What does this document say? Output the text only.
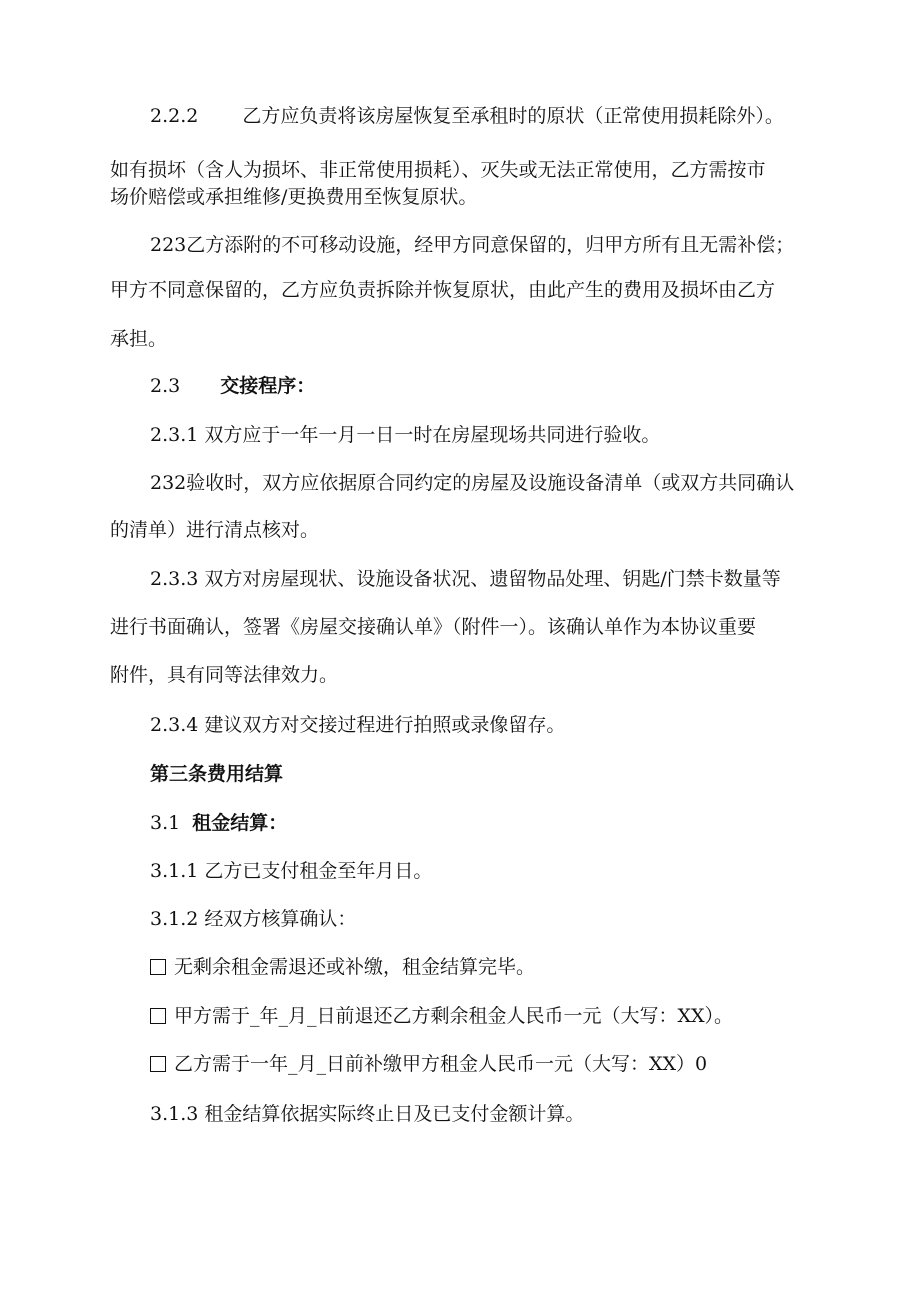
2.2.2 乙方应负责将该房屋恢复至承租时的原状（正常使用损耗除外）。

如有损坏（含人为损坏、非正常使用损耗）、灭失或无法正常使用，乙方需按市

场价赔偿或承担维修/更换费用至恢复原状。

223乙方添附的不可移动设施，经甲方同意保留的，归甲方所有且无需补偿；

甲方不同意保留的，乙方应负责拆除并恢复原状，由此产生的费用及损坏由乙方

承担。

2.3 交接程序：

2.3.1 双方应于一年一月一日一时在房屋现场共同进行验收。

232验收时，双方应依据原合同约定的房屋及设施设备清单（或双方共同确认

的清单）进行清点核对。

2.3.3 双方对房屋现状、设施设备状况、遗留物品处理、钥匙/门禁卡数量等

进行书面确认，签署《房屋交接确认单》（附件一）。该确认单作为本协议重要

附件，具有同等法律效力。

2.3.4 建议双方对交接过程进行拍照或录像留存。

第三条费用结算

3.1 租金结算：

3.1.1 乙方已支付租金至年月日。

3.1.2 经双方核算确认：

无剩余租金需退还或补缴，租金结算完毕。

甲方需于_年_月_日前退还乙方剩余租金人民币一元（大写：XX）。

乙方需于一年_月_日前补缴甲方租金人民币一元（大写：XX）0

3.1.3 租金结算依据实际终止日及已支付金额计算。
